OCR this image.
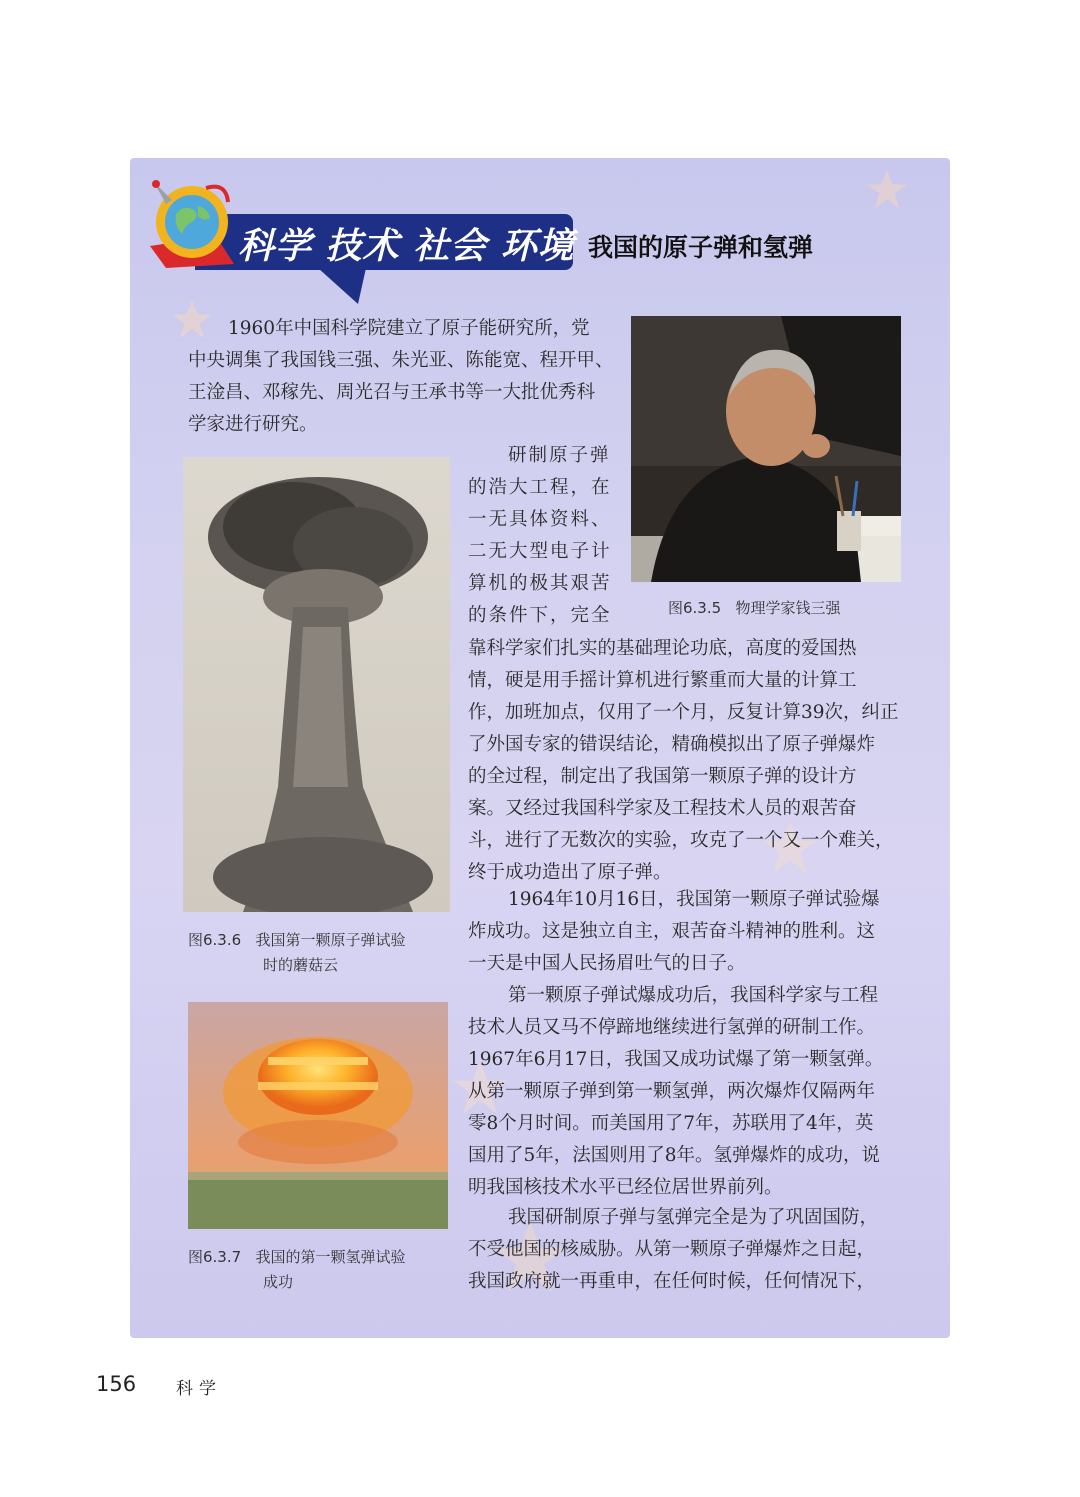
科学 技术 社会 环境 我国的原子弹和氢弹
1960年中国科学院建立了原子能研究所，党
中央调集了我国钱三强、朱光亚、陈能宽、程开甲、
王淦昌、邓稼先、周光召与王承书等一大批优秀科
学家进行研究。
研制原子弹
的浩大工程，在
一无具体资料、
二无大型电子计
算机的极其艰苦
的条件下，完全
靠科学家们扎实的基础理论功底，高度的爱国热
情，硬是用手摇计算机进行繁重而大量的计算工
作，加班加点，仅用了一个月，反复计算39次，纠正
了外国专家的错误结论，精确模拟出了原子弹爆炸
的全过程，制定出了我国第一颗原子弹的设计方
案。又经过我国科学家及工程技术人员的艰苦奋
斗，进行了无数次的实验，攻克了一个又一个难关，
终于成功造出了原子弹。
1964年10月16日，我国第一颗原子弹试验爆
炸成功。这是独立自主，艰苦奋斗精神的胜利。这
一天是中国人民扬眉吐气的日子。
第一颗原子弹试爆成功后，我国科学家与工程
技术人员又马不停蹄地继续进行氢弹的研制工作。
1967年6月17日，我国又成功试爆了第一颗氢弹。
从第一颗原子弹到第一颗氢弹，两次爆炸仅隔两年
零8个月时间。而美国用了7年，苏联用了4年，英
国用了5年，法国则用了8年。氢弹爆炸的成功，说
明我国核技术水平已经位居世界前列。
我国研制原子弹与氢弹完全是为了巩固国防，
不受他国的核威胁。从第一颗原子弹爆炸之日起，
我国政府就一再重申，在任何时候，任何情况下，
图6.3.5 物理学家钱三强
图6.3.6 我国第一颗原子弹试验
时的蘑菇云
图6.3.7 我国的第一颗氢弹试验
成功
156 科学
